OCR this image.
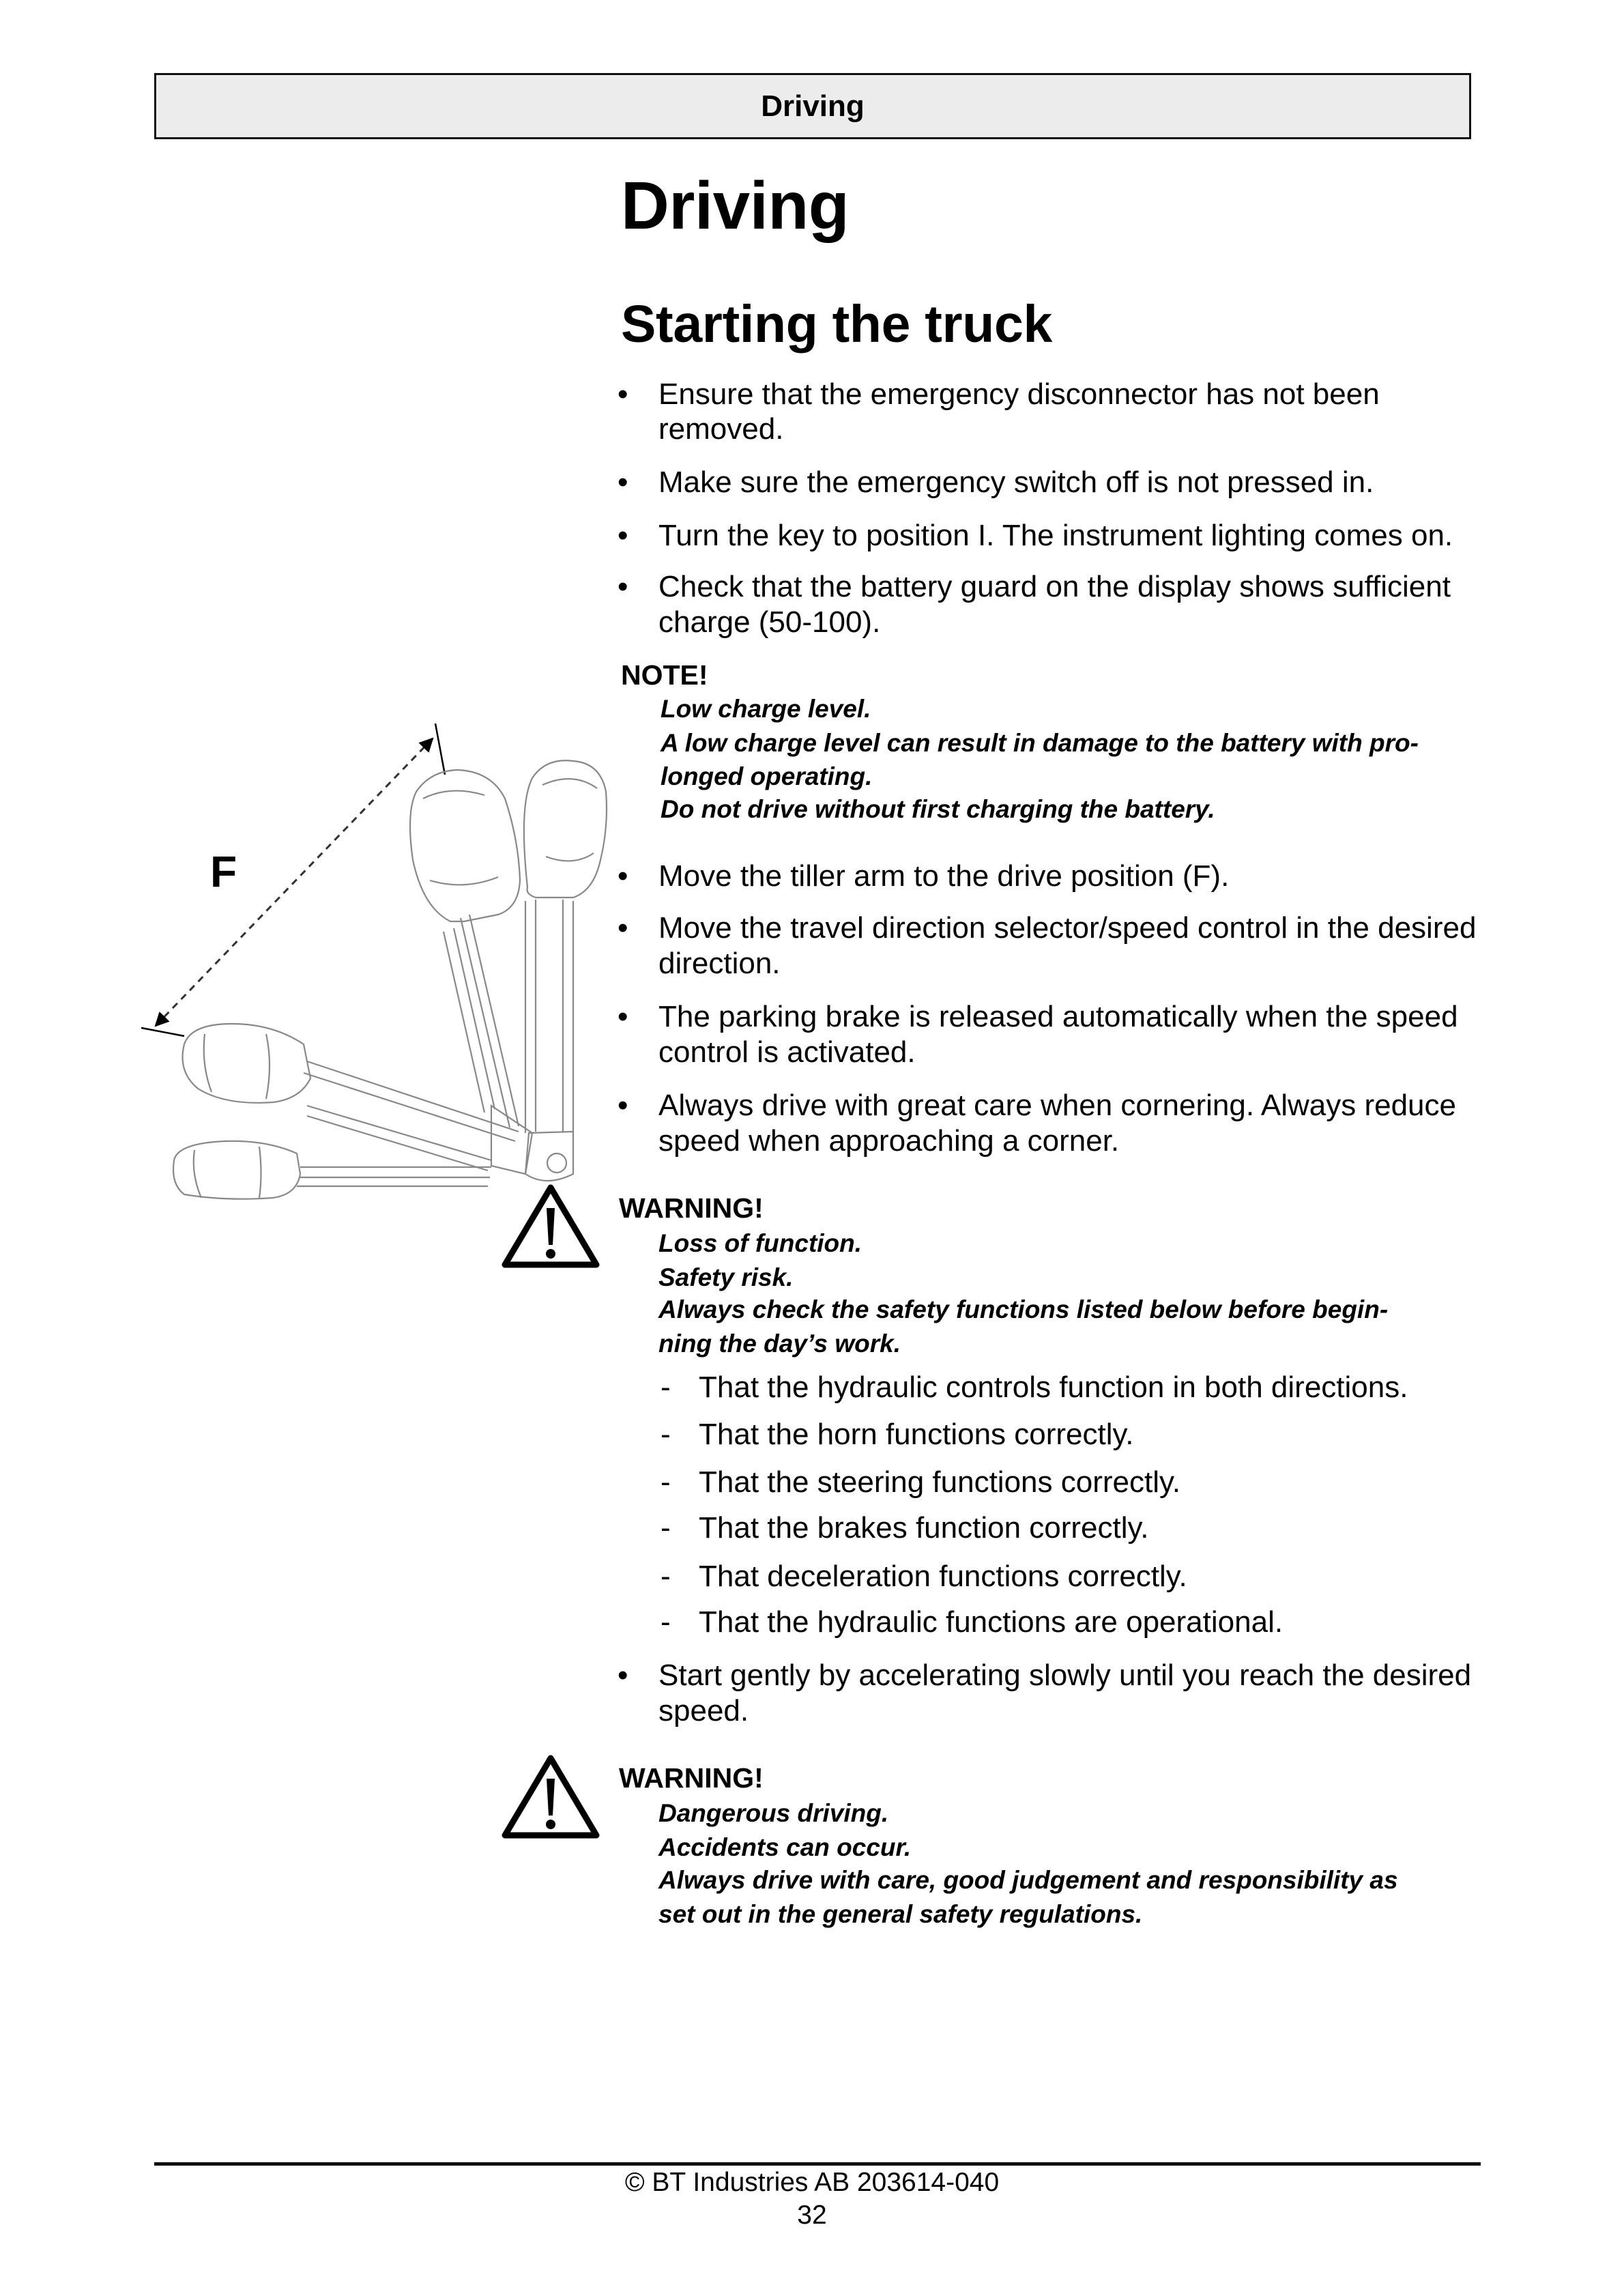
Driving
Driving
Starting the truck
• Ensure that the emergency disconnector has not been
removed.
• Make sure the emergency switch off is not pressed in.
• Turn the key to position I. The instrument lighting comes on.
• Check that the battery guard on the display shows sufficient
charge (50-100).
NOTE!
Low charge level.
A low charge level can result in damage to the battery with pro-
longed operating.
Do not drive without first charging the battery.
• Move the tiller arm to the drive position (F).
• Move the travel direction selector/speed control in the desired
direction.
• The parking brake is released automatically when the speed
control is activated.
• Always drive with great care when cornering. Always reduce
speed when approaching a corner.
WARNING!
Loss of function.
Safety risk.
Always check the safety functions listed below before begin-
ning the day’s work.
- That the hydraulic controls function in both directions.
- That the horn functions correctly.
- That the steering functions correctly.
- That the brakes function correctly.
- That deceleration functions correctly.
- That the hydraulic functions are operational.
• Start gently by accelerating slowly until you reach the desired
speed.
WARNING!
Dangerous driving.
Accidents can occur.
Always drive with care, good judgement and responsibility as
set out in the general safety regulations.
F
© BT Industries AB 203614-040
32
